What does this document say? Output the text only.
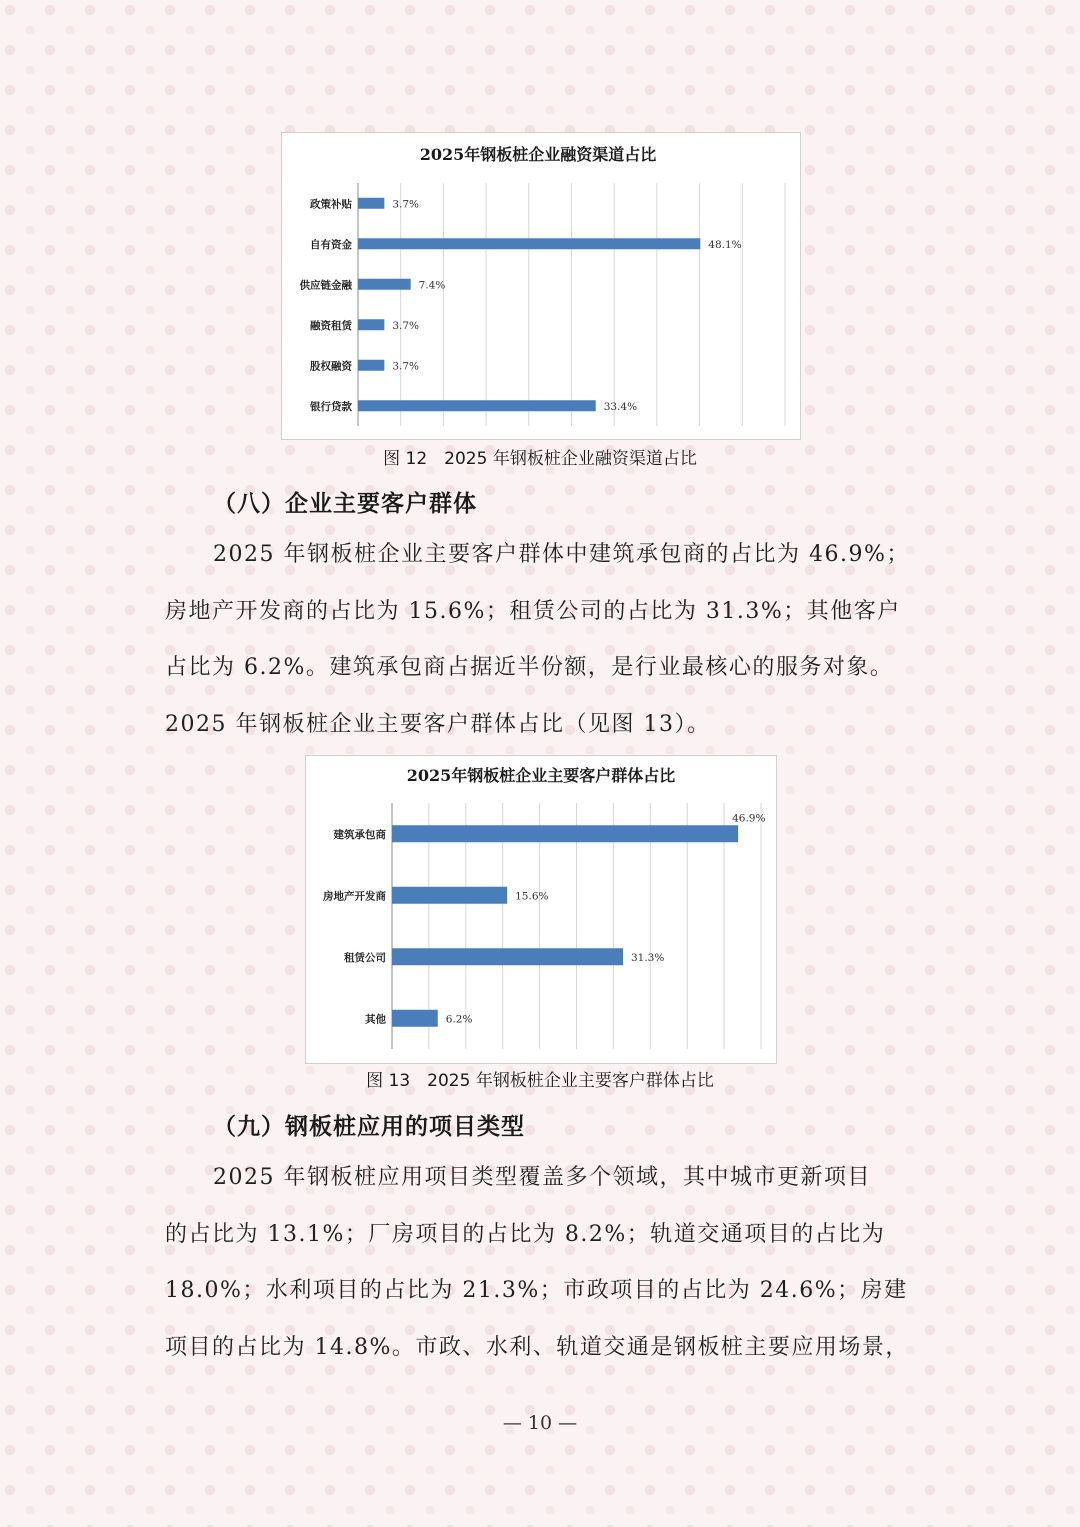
2025年钢板桩企业融资渠道占比
政策补贴	3.7%
自有资金	48.1%
供应链金融	7.4%
融资租赁	3.7%
股权融资	3.7%
银行贷款	33.4%
图 12　2025 年钢板桩企业融资渠道占比
（八）企业主要客户群体
2025 年钢板桩企业主要客户群体中建筑承包商的占比为 46.9%；
房地产开发商的占比为 15.6%；租赁公司的占比为 31.3%；其他客户
占比为 6.2%。建筑承包商占据近半份额，是行业最核心的服务对象。
2025 年钢板桩企业主要客户群体占比（见图 13）。
2025年钢板桩企业主要客户群体占比
建筑承包商
46.9%
房地产开发商	15.6%
租赁公司	31.3%
其他	6.2%
图 13　2025 年钢板桩企业主要客户群体占比
（九）钢板桩应用的项目类型
2025 年钢板桩应用项目类型覆盖多个领域，其中城市更新项目
的占比为 13.1%；厂房项目的占比为 8.2%；轨道交通项目的占比为
18.0%；水利项目的占比为 21.3%；市政项目的占比为 24.6%；房建
项目的占比为 14.8%。市政、水利、轨道交通是钢板桩主要应用场景，
— 10 —
